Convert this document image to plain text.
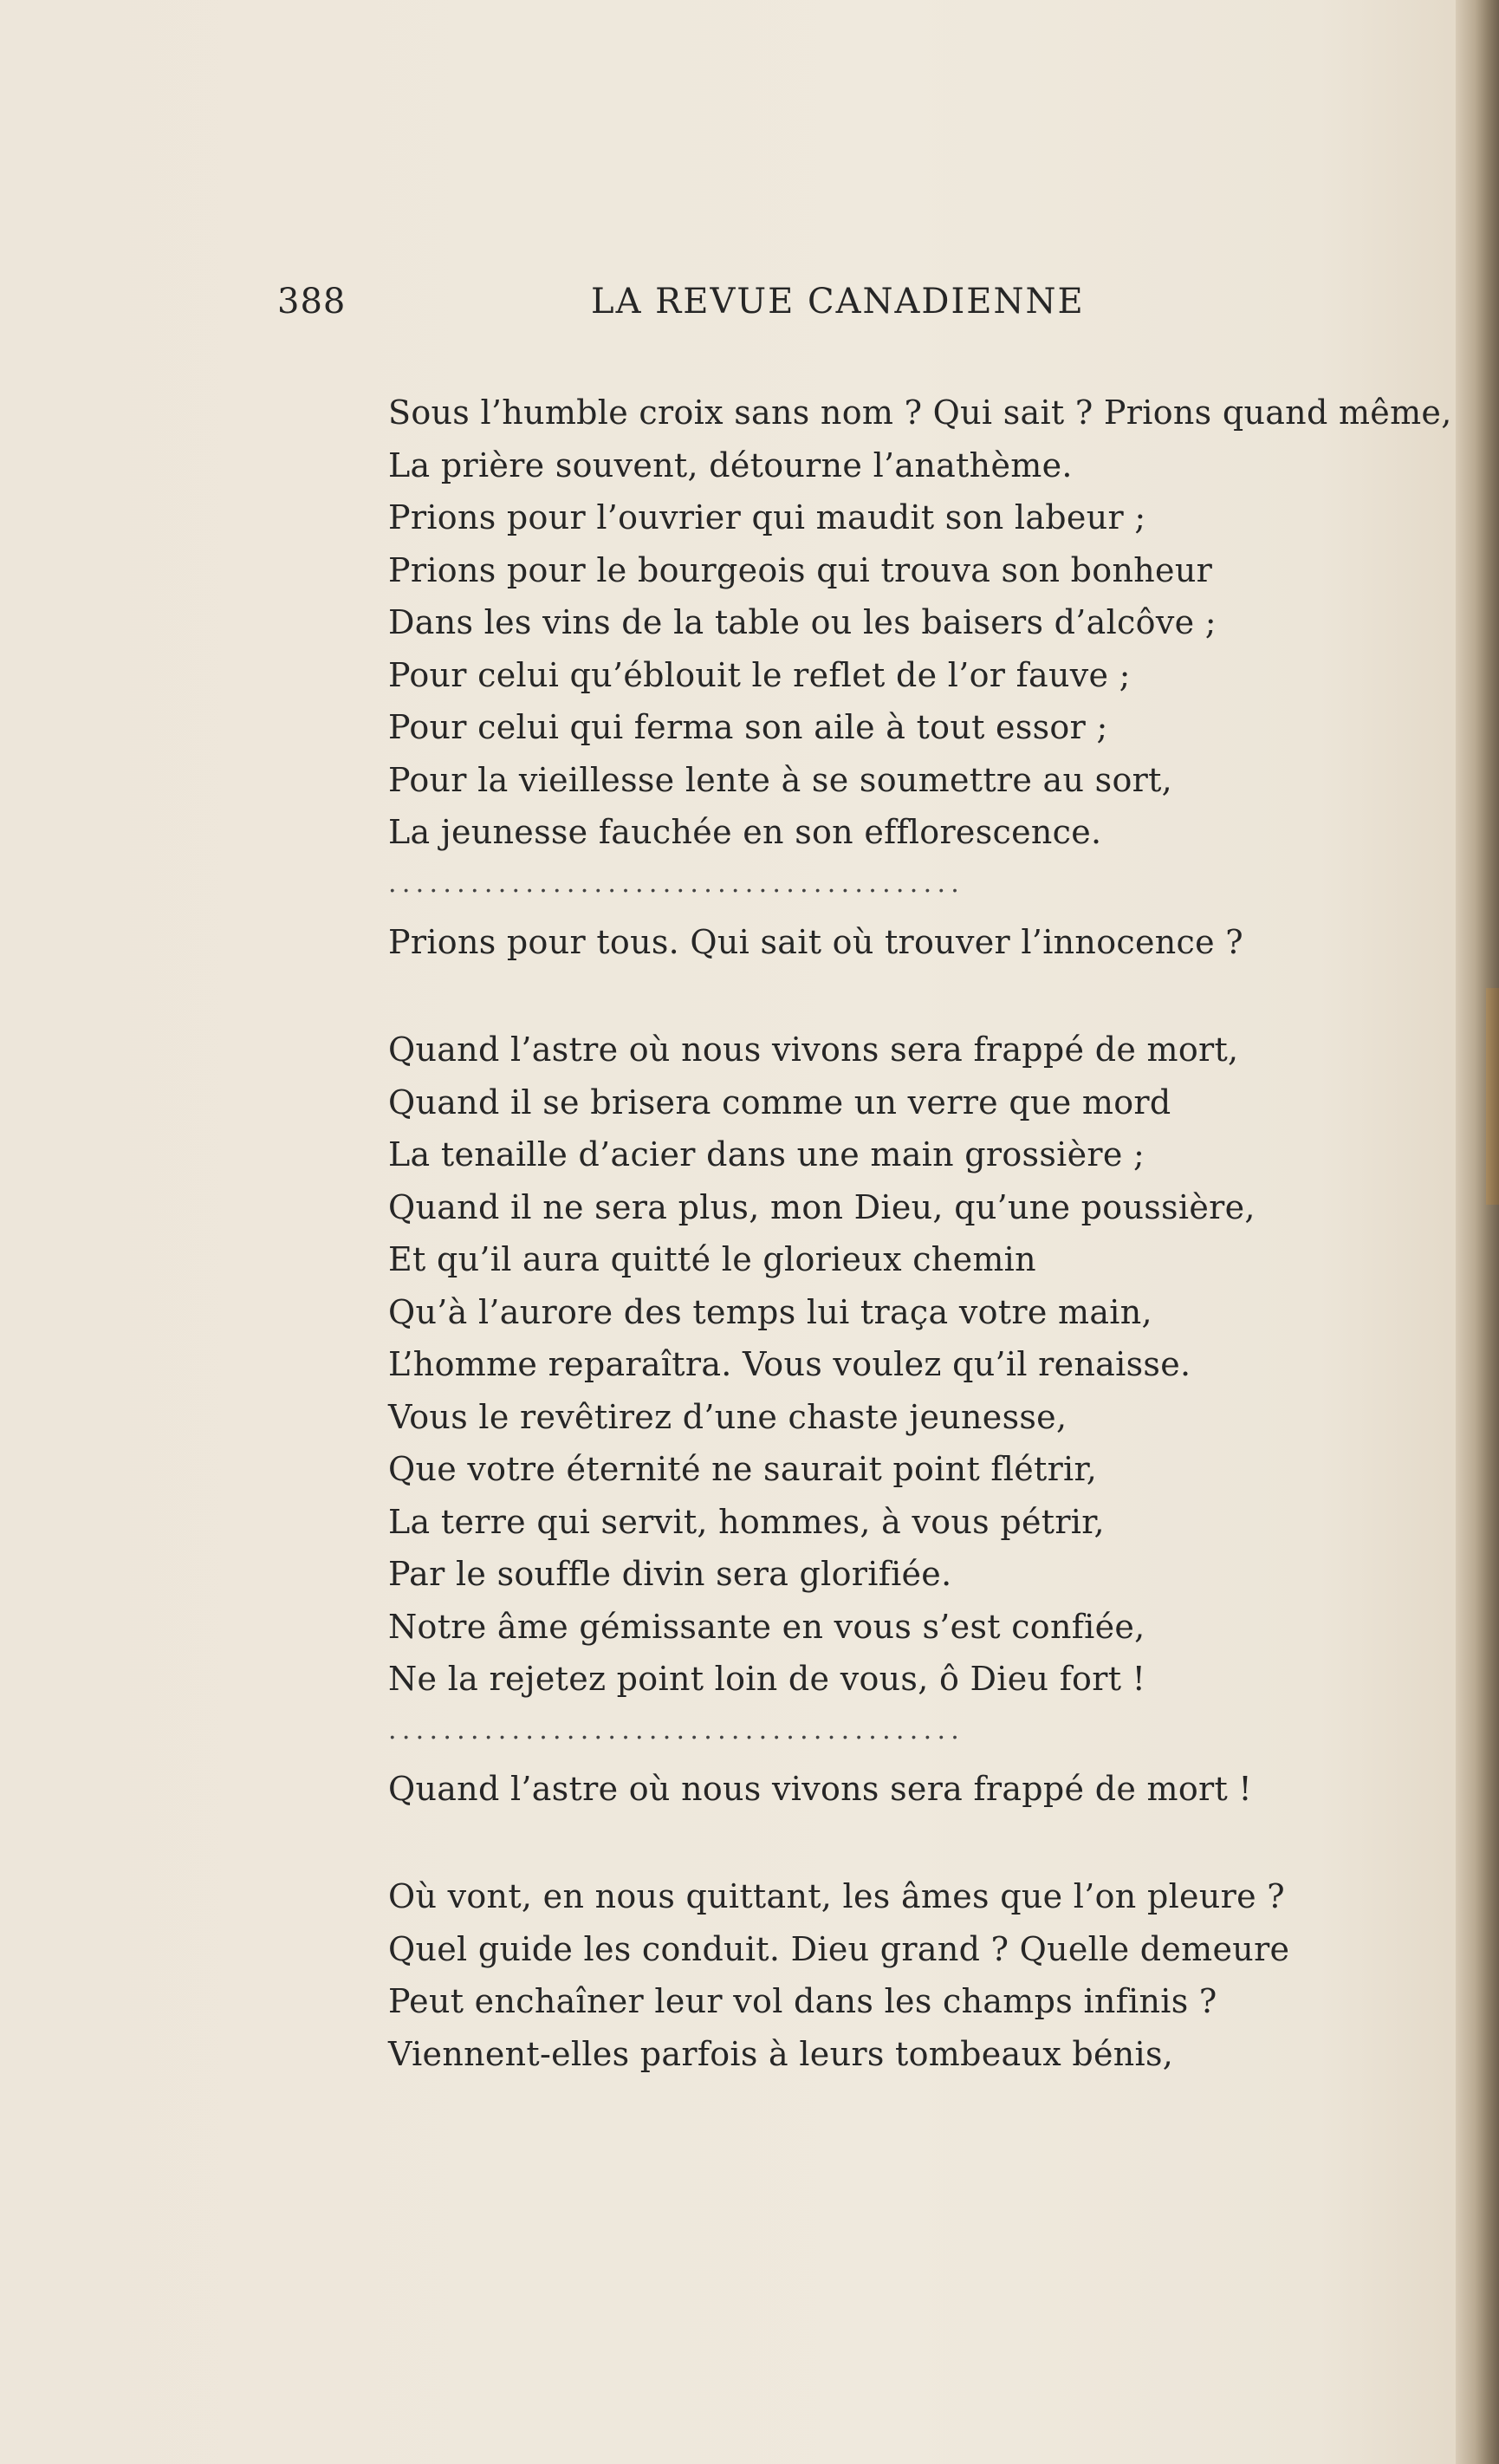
388	LA REVUE CANADIENNE
Sous l’humble croix sans nom ? Qui sait ? Prions quand même,
La prière souvent, détourne l’anathème.
Prions pour l’ouvrier qui maudit son labeur ;
Prions pour le bourgeois qui trouva son bonheur
Dans les vins de la table ou les baisers d’alcôve ;
Pour celui qu’éblouit le reflet de l’or fauve ;
Pour celui qui ferma son aile à tout essor ;
Pour la vieillesse lente à se soumettre au sort,
La jeunesse fauchée en son efflorescence.
..........................................
Prions pour tous. Qui sait où trouver l’innocence ?
Quand l’astre où nous vivons sera frappé de mort,
Quand il se brisera comme un verre que mord
La tenaille d’acier dans une main grossière ;
Quand il ne sera plus, mon Dieu, qu’une poussière,
Et qu’il aura quitté le glorieux chemin
Qu’à l’aurore des temps lui traça votre main,
L’homme reparaîtra. Vous voulez qu’il renaisse.
Vous le revêtirez d’une chaste jeunesse,
Que votre éternité ne saurait point flétrir,
La terre qui servit, hommes, à vous pétrir,
Par le souffle divin sera glorifiée.
Notre âme gémissante en vous s’est confiée,
Ne la rejetez point loin de vous, ô Dieu fort !
..........................................
Quand l’astre où nous vivons sera frappé de mort !
Où vont, en nous quittant, les âmes que l’on pleure ?
Quel guide les conduit. Dieu grand ? Quelle demeure
Peut enchaîner leur vol dans les champs infinis ?
Viennent-elles parfois à leurs tombeaux bénis,
